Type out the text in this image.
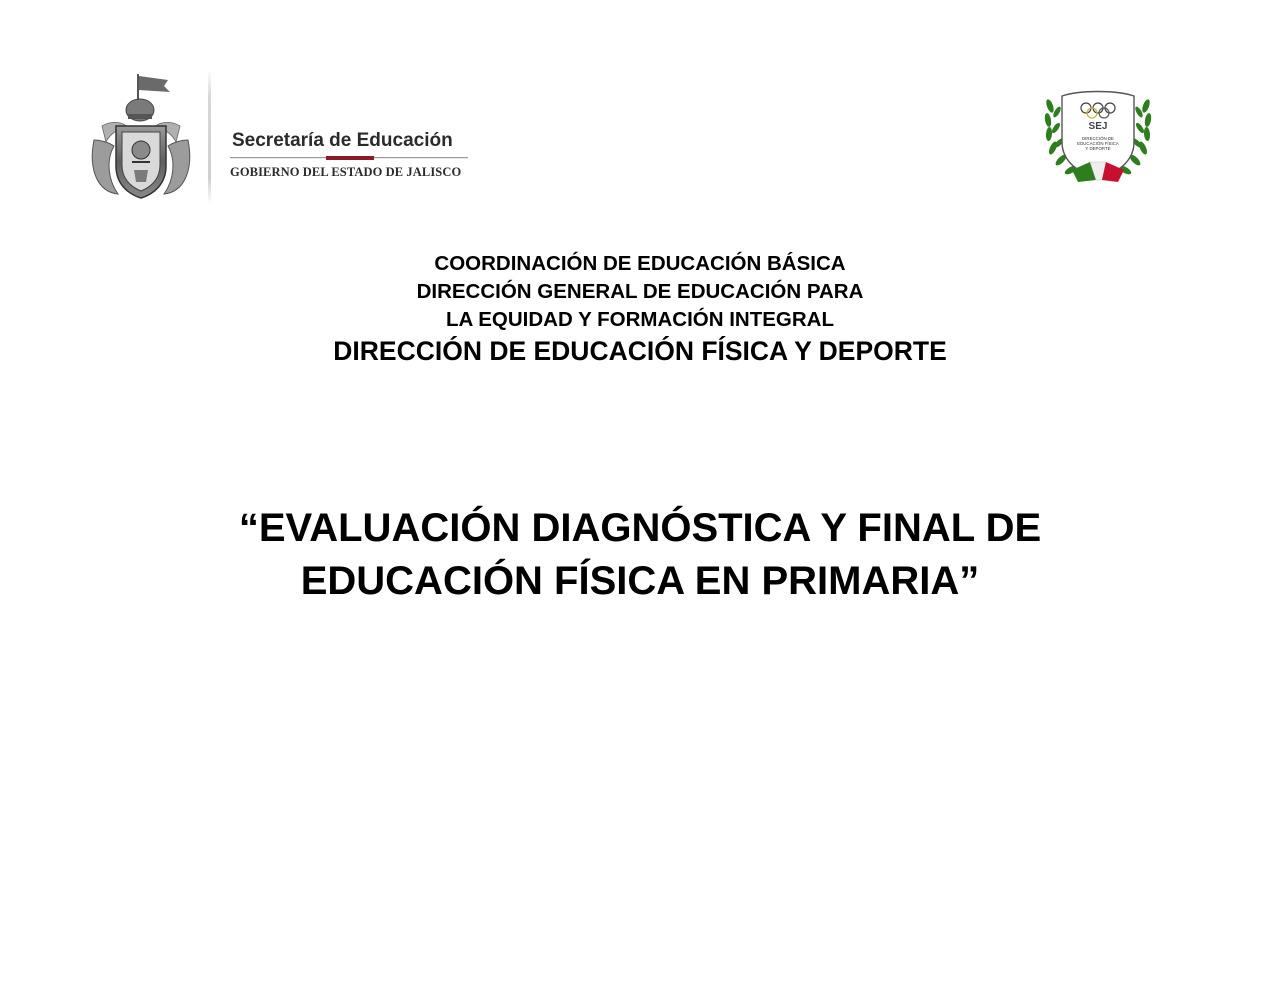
Secretaría de Educación
GOBIERNO DEL ESTADO DE JALISCO
SEJ
DIRECCIÓN DE
EDUCACIÓN FÍSICA
Y DEPORTE
COORDINACIÓN DE EDUCACIÓN BÁSICA
DIRECCIÓN GENERAL DE EDUCACIÓN PARA
LA EQUIDAD Y FORMACIÓN INTEGRAL
DIRECCIÓN DE EDUCACIÓN FÍSICA Y DEPORTE
“EVALUACIÓN DIAGNÓSTICA Y FINAL DE
EDUCACIÓN FÍSICA EN PRIMARIA”
